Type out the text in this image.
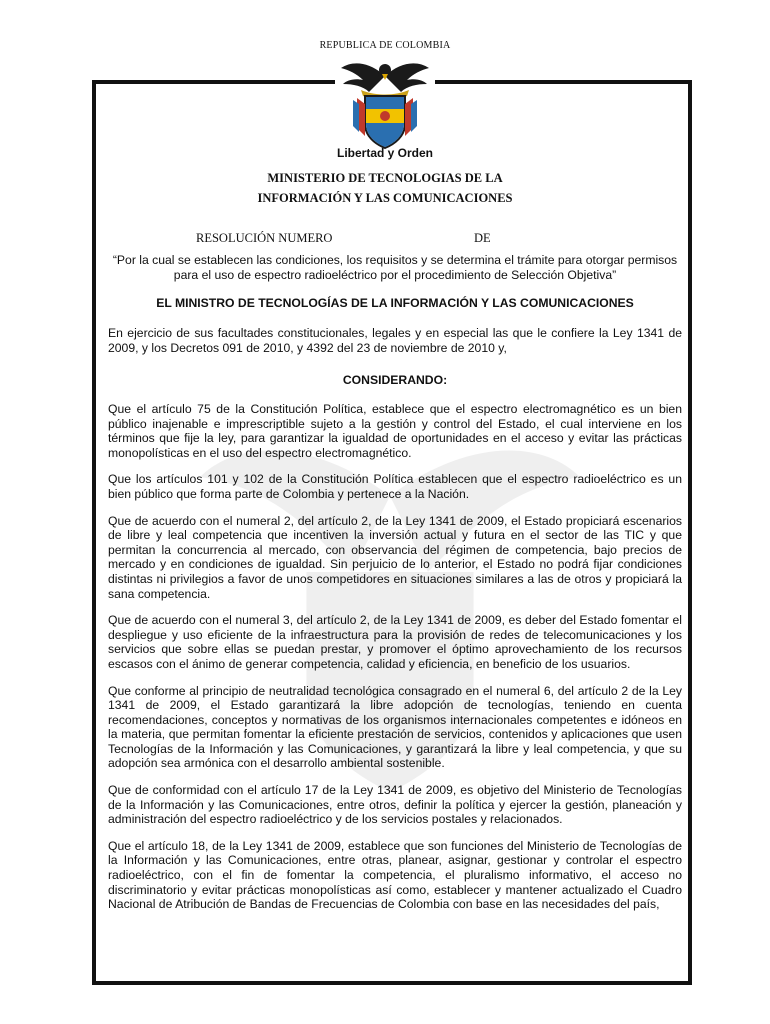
REPUBLICA DE COLOMBIA
Libertad y Orden
MINISTERIO DE TECNOLOGIAS DE LA
INFORMACIÓN Y LAS COMUNICACIONES
RESOLUCIÓN NUMERO	DE
“Por la cual se establecen las condiciones, los requisitos y se determina el trámite para otorgar permisos para el uso de espectro radioeléctrico por el procedimiento de Selección Objetiva”
EL MINISTRO DE TECNOLOGÍAS DE LA INFORMACIÓN Y LAS COMUNICACIONES

En ejercicio de sus facultades constitucionales, legales y en especial las que le confiere la Ley 1341 de 2009, y los Decretos 091 de 2010, y 4392 del 23 de noviembre de 2010 y,

CONSIDERANDO:

Que el artículo 75 de la Constitución Política, establece que el espectro electromagnético es un bien público inajenable e imprescriptible sujeto a la gestión y control del Estado, el cual interviene en los términos que fije la ley, para garantizar la igualdad de oportunidades en el acceso y evitar las prácticas monopolísticas en el uso del espectro electromagnético.

Que los artículos 101 y 102 de la Constitución Política establecen que el espectro radioeléctrico es un bien público que forma parte de Colombia y pertenece a la Nación.

Que de acuerdo con el numeral 2, del artículo 2, de la Ley 1341 de 2009, el Estado propiciará escenarios de libre y leal competencia que incentiven la inversión actual y futura en el sector de las TIC y que permitan la concurrencia al mercado, con observancia del régimen de competencia, bajo precios de mercado y en condiciones de igualdad. Sin perjuicio de lo anterior, el Estado no podrá fijar condiciones distintas ni privilegios a favor de unos competidores en situaciones similares a las de otros y propiciará la sana competencia.

Que de acuerdo con el numeral 3, del artículo 2, de la Ley 1341 de 2009, es deber del Estado fomentar el despliegue y uso eficiente de la infraestructura para la provisión de redes de telecomunicaciones y los servicios que sobre ellas se puedan prestar, y promover el óptimo aprovechamiento de los recursos escasos con el ánimo de generar competencia, calidad y eficiencia, en beneficio de los usuarios.

Que conforme al principio de neutralidad tecnológica consagrado en el numeral 6, del artículo 2 de la Ley 1341 de 2009, el Estado garantizará la libre adopción de tecnologías, teniendo en cuenta recomendaciones, conceptos y normativas de los organismos internacionales competentes e idóneos en la materia, que permitan fomentar la eficiente prestación de servicios, contenidos y aplicaciones que usen Tecnologías de la Información y las Comunicaciones, y garantizará la libre y leal competencia, y que su adopción sea armónica con el desarrollo ambiental sostenible.

Que de conformidad con el artículo 17 de la Ley 1341 de 2009, es objetivo del Ministerio de Tecnologías de la Información y las Comunicaciones, entre otros, definir la política y ejercer la gestión, planeación y administración del espectro radioeléctrico y de los servicios postales y relacionados.

Que el artículo 18, de la Ley 1341 de 2009, establece que son funciones del Ministerio de Tecnologías de la Información y las Comunicaciones, entre otras, planear, asignar, gestionar y controlar el espectro radioeléctrico, con el fin de fomentar la competencia, el pluralismo informativo, el acceso no discriminatorio y evitar prácticas monopolísticas así como, establecer y mantener actualizado el Cuadro Nacional de Atribución de Bandas de Frecuencias de Colombia con base en las necesidades del país,
